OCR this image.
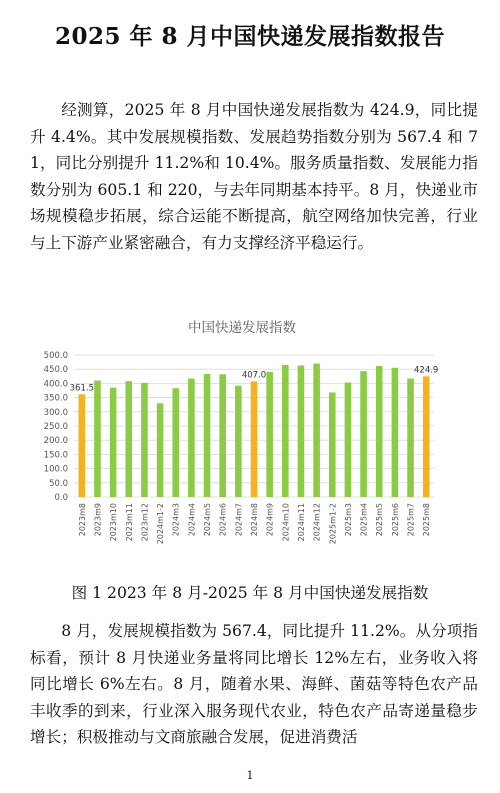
2025 年 8 月中国快递发展指数报告

经测算，2025 年 8 月中国快递发展指数为 424.9，同比提升 4.4%。其中发展规模指数、发展趋势指数分别为 567.4 和 71，同比分别提升 11.2%和 10.4%。服务质量指数、发展能力指数分别为 605.1 和 220，与去年同期基本持平。8 月，快递业市场规模稳步拓展，综合运能不断提高，航空网络加快完善，行业与上下游产业紧密融合，有力支撑经济平稳运行。

中国快递发展指数
0.0
50.0
100.0
150.0
200.0
250.0
300.0
350.0
400.0
450.0
500.0
361.5
2023m8 2023m9 2023m10 2023m11 2023m12 2024m1-2 2024m3 2024m4 2024m5 2024m6 2024m7
407.0
2024m8 2024m9 2024m10 2024m11 2024m12 2025m1-2 2025m3 2025m4 2025m5 2025m6 2025m7
424.9
2025m8
图 1 2023 年 8 月-2025 年 8 月中国快递发展指数

8 月，发展规模指数为 567.4，同比提升 11.2%。从分项指标看，预计 8 月快递业务量将同比增长 12%左右，业务收入将同比增长 6%左右。8 月，随着水果、海鲜、菌菇等特色农产品丰收季的到来，行业深入服务现代农业，特色农产品寄递量稳步增长；积极推动与文商旅融合发展，促进消费活

1
